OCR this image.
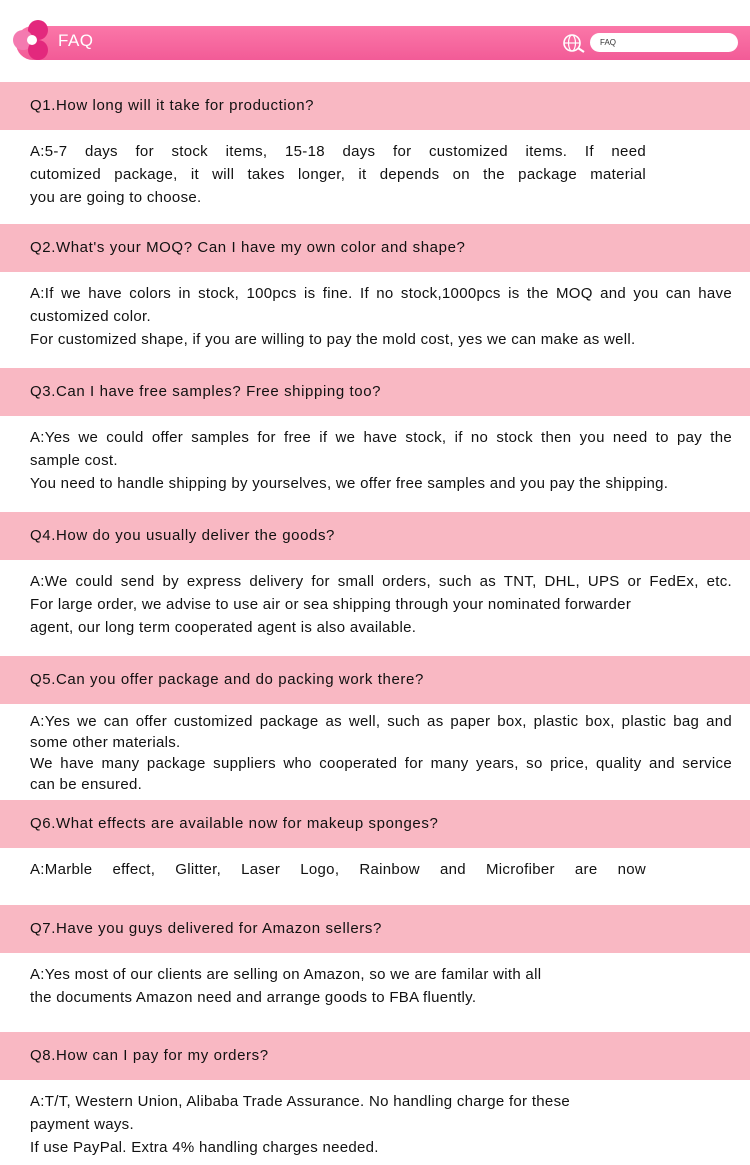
FAQ
FAQ
Q1.How long will it take for production?

A:5-7 days for stock items, 15-18 days for customized items. If need

cutomized package, it will takes longer, it depends on the package material

you are going to choose.

Q2.What's your MOQ? Can I have my own color and shape?

A:If we have colors in stock, 100pcs is fine. If no stock,1000pcs is the MOQ and you can have

customized color.

For customized shape, if you are willing to pay the mold cost, yes we can make as well.

Q3.Can I have free samples? Free shipping too?

A:Yes we could offer samples for free if we have stock, if no stock then you need to pay the

sample cost.

You need to handle shipping by yourselves, we offer free samples and you pay the shipping.

Q4.How do you usually deliver the goods?

A:We could send by express delivery for small orders, such as TNT, DHL, UPS or FedEx, etc.

For large order, we advise to use air or sea shipping through your nominated forwarder

agent, our long term cooperated agent is also available.

Q5.Can you offer package and do packing work there?

A:Yes we can offer customized package as well, such as paper box, plastic box, plastic bag and

some other materials.

We have many package suppliers who cooperated for many years, so price, quality and service

can be ensured.

Q6.What effects are available now for makeup sponges?

A:Marble effect, Glitter, Laser Logo, Rainbow and Microfiber are now

Q7.Have you guys delivered for Amazon sellers?

A:Yes most of our clients are selling on Amazon, so we are familar with all

the documents Amazon need and arrange goods to FBA fluently.

Q8.How can I pay for my orders?

A:T/T, Western Union, Alibaba Trade Assurance. No handling charge for these

payment ways.

If use PayPal. Extra 4% handling charges needed.
